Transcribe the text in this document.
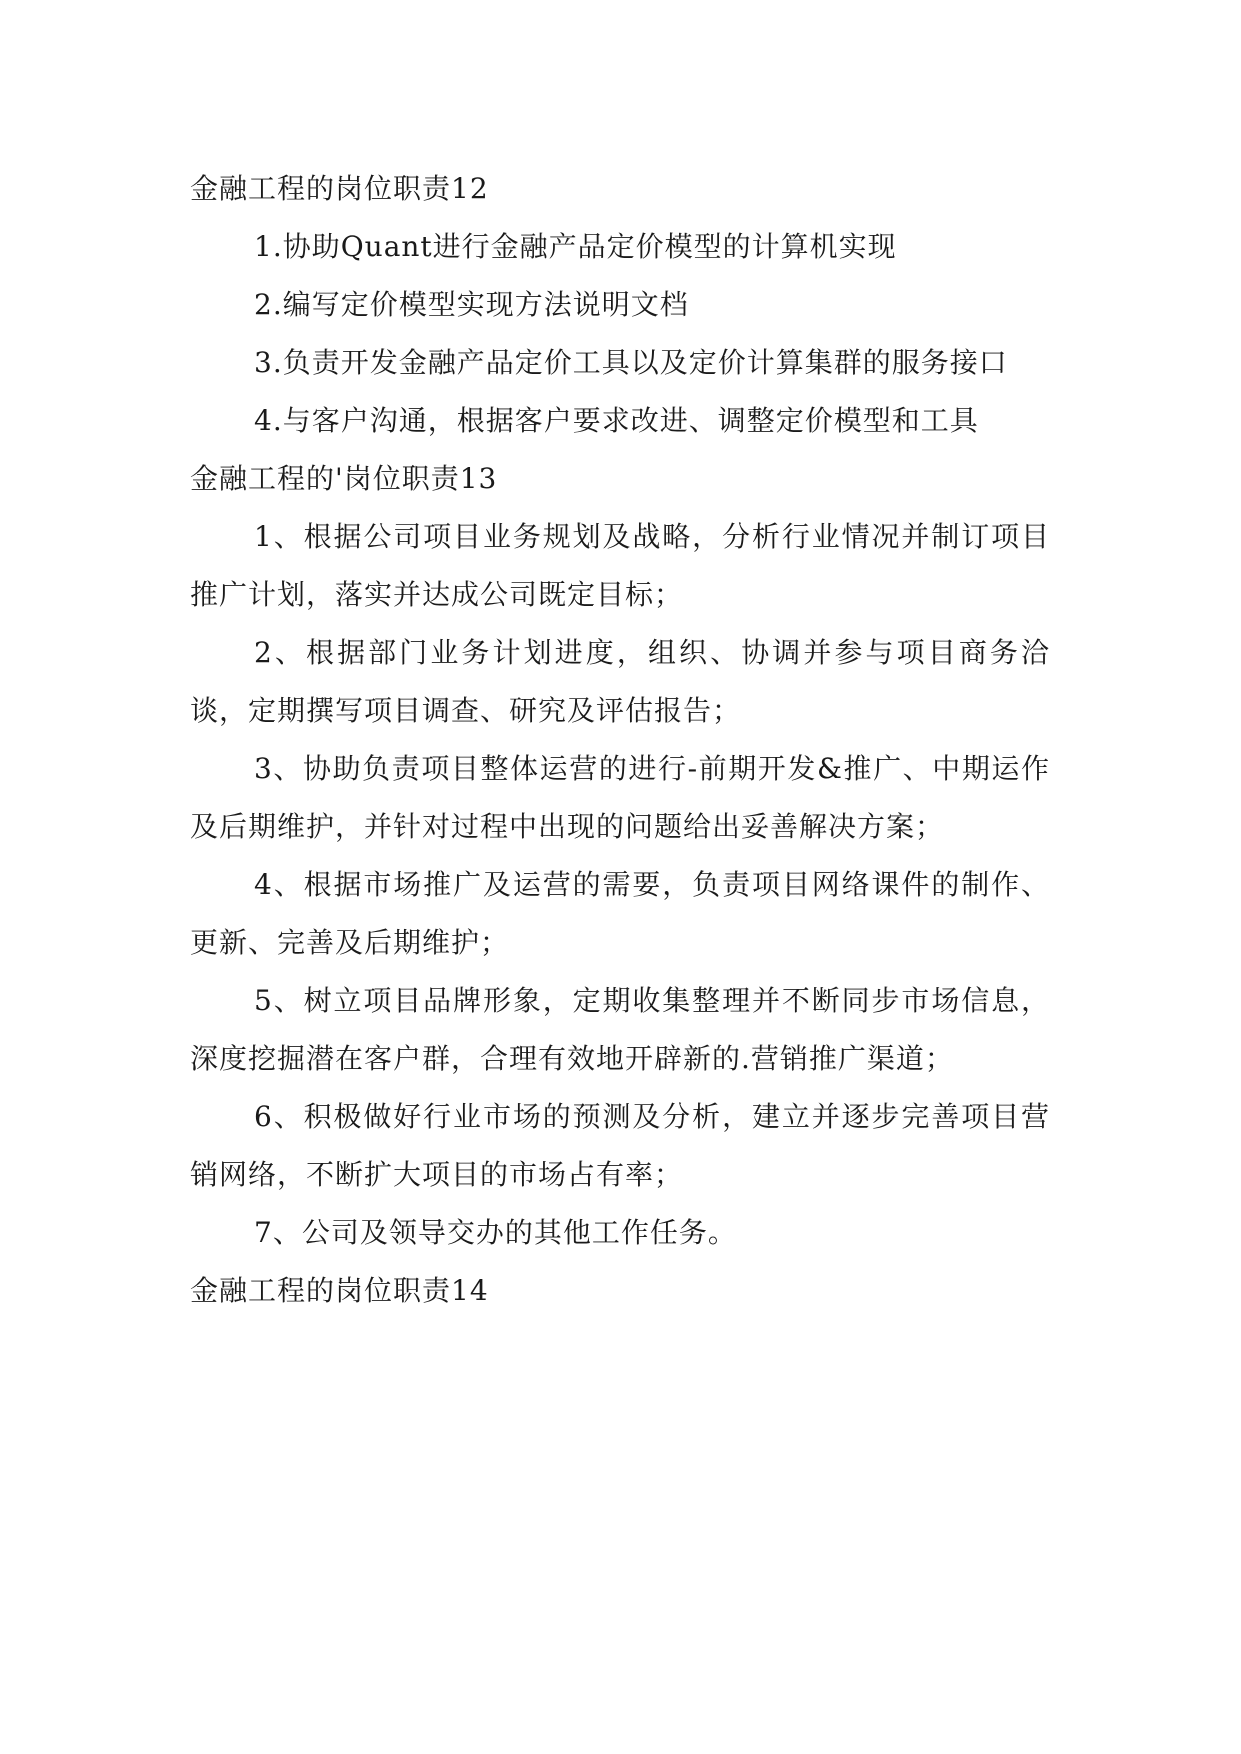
金融工程的岗位职责12

1.协助Quant进行金融产品定价模型的计算机实现

2.编写定价模型实现方法说明文档

3.负责开发金融产品定价工具以及定价计算集群的服务接口

4.与客户沟通，根据客户要求改进、调整定价模型和工具

金融工程的'岗位职责13

1、根据公司项目业务规划及战略，分析行业情况并制订项目推广计划，落实并达成公司既定目标；

2、根据部门业务计划进度，组织、协调并参与项目商务洽谈，定期撰写项目调查、研究及评估报告；

3、协助负责项目整体运营的进行-前期开发&推广、中期运作及后期维护，并针对过程中出现的问题给出妥善解决方案；

4、根据市场推广及运营的需要，负责项目网络课件的制作、更新、完善及后期维护；

5、树立项目品牌形象，定期收集整理并不断同步市场信息，深度挖掘潜在客户群，合理有效地开辟新的.营销推广渠道；

6、积极做好行业市场的预测及分析，建立并逐步完善项目营销网络，不断扩大项目的市场占有率；

7、公司及领导交办的其他工作任务。

金融工程的岗位职责14
